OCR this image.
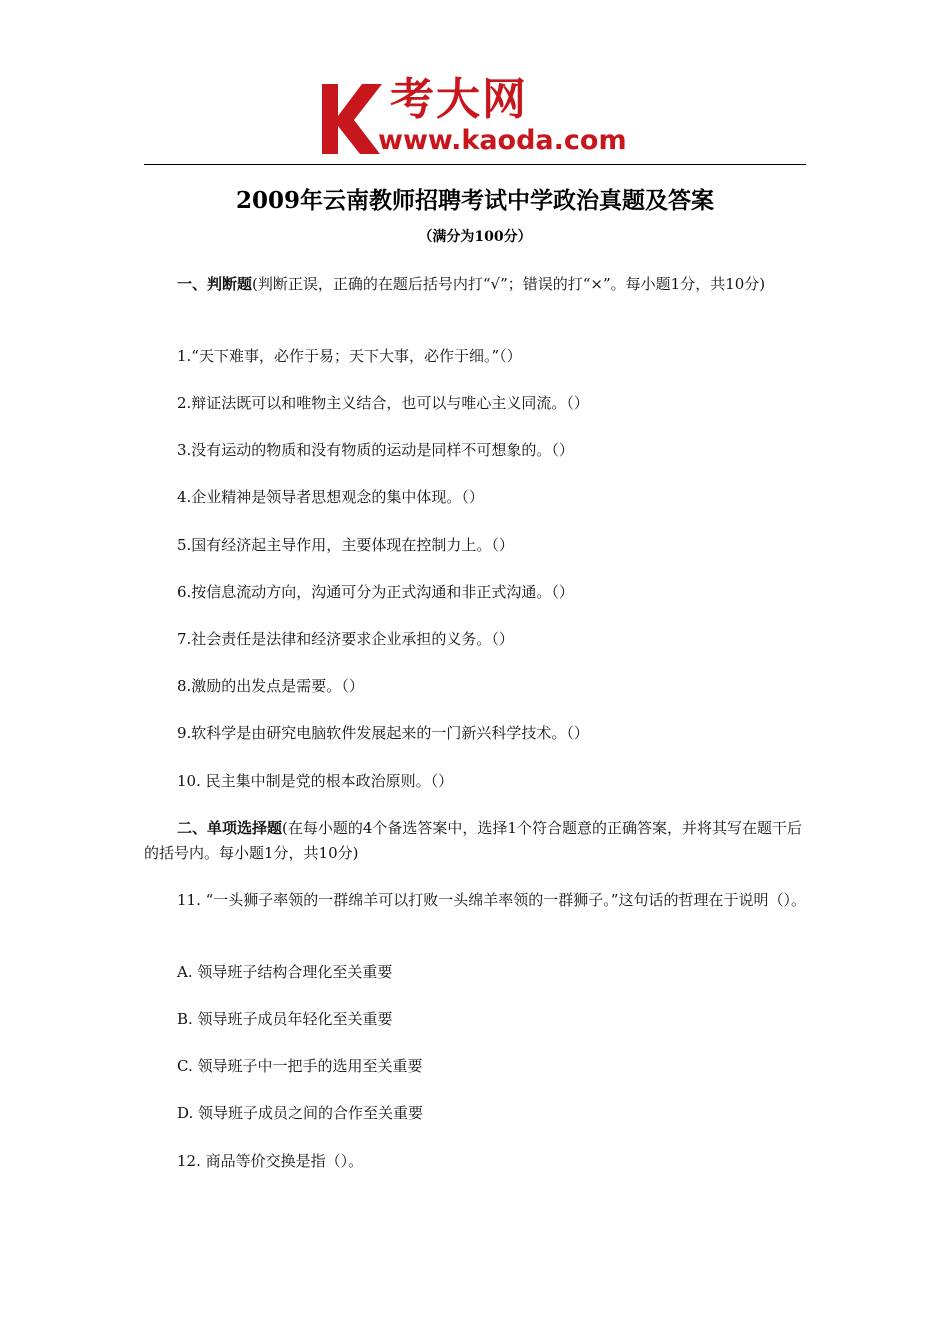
考大网
www.kaoda.com
2009年云南教师招聘考试中学政治真题及答案
（满分为100分）
一、判断题(判断正误，正确的在题后括号内打“√”；错误的打“×”。每小题1分，共10分)
1.“天下难事，必作于易；天下大事，必作于细。”（）
2.辩证法既可以和唯物主义结合，也可以与唯心主义同流。（）
3.没有运动的物质和没有物质的运动是同样不可想象的。（）
4.企业精神是领导者思想观念的集中体现。（）
5.国有经济起主导作用，主要体现在控制力上。（）
6.按信息流动方向，沟通可分为正式沟通和非正式沟通。（）
7.社会责任是法律和经济要求企业承担的义务。（）
8.激励的出发点是需要。（）
9.软科学是由研究电脑软件发展起来的一门新兴科学技术。（）
10. 民主集中制是党的根本政治原则。（）
二、单项选择题(在每小题的4个备选答案中，选择1个符合题意的正确答案，并将其写在题干后的括号内。每小题1分，共10分)
11. “一头狮子率领的一群绵羊可以打败一头绵羊率领的一群狮子。”这句话的哲理在于说明（）。
A. 领导班子结构合理化至关重要
B. 领导班子成员年轻化至关重要
C. 领导班子中一把手的选用至关重要
D. 领导班子成员之间的合作至关重要
12. 商品等价交换是指（）。
